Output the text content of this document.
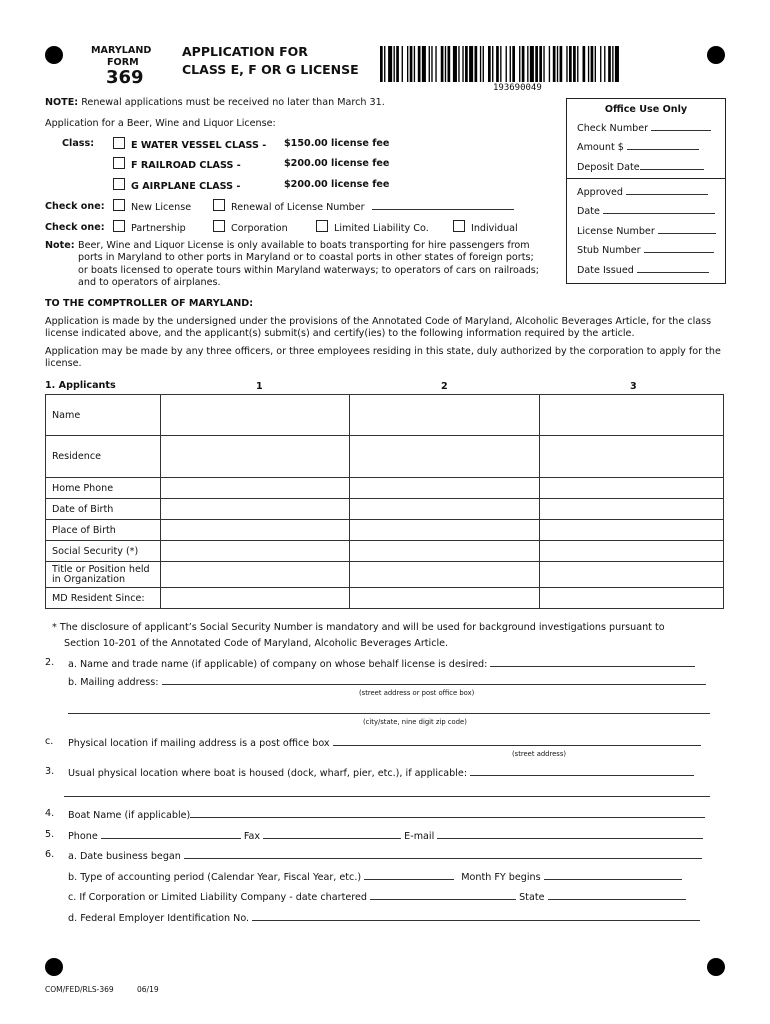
MARYLAND
FORM
369
APPLICATION FOR
CLASS E, F OR G LICENSE
193690049
NOTE: Renewal applications must be received no later than March 31.
Application for a Beer, Wine and Liquor License:
Class:	E WATER VESSEL CLASS - $150.00 license fee
F RAILROAD CLASS -	$200.00 license fee
G AIRPLANE CLASS -	$200.00 license fee
Check one:	New License	Renewal of License Number
Check one:	Partnership	Corporation	Limited Liability Co.	Individual
Note: Beer, Wine and Liquor License is only available to boats transporting for hire passengers from
ports in Maryland to other ports in Maryland or to coastal ports in other states of foreign ports;
or boats licensed to operate tours within Maryland waterways; to operators of cars on railroads;
and to operators of airplanes.
Office Use Only
Check Number
Amount $
Deposit Date
Approved
Date
License Number
Stub Number
Date Issued
TO THE COMPTROLLER OF MARYLAND:
Application is made by the undersigned under the provisions of the Annotated Code of Maryland, Alcoholic Beverages Article, for the class license indicated above, and the applicant(s) submit(s) and certify(ies) to the following information required by the article.
Application may be made by any three officers, or three employees residing in this state, duly authorized by the corporation to apply for the license.
1. Applicants	1	2	3
Name			
Residence			
Home Phone			
Date of Birth			
Place of Birth			
Social Security (*)			
Title or Position held in Organization			
MD Resident Since:			
* The disclosure of applicant’s Social Security Number is mandatory and will be used for background investigations pursuant to
Section 10-201 of the Annotated Code of Maryland, Alcoholic Beverages Article.
2. a. Name and trade name (if applicable) of company on whose behalf license is desired:
b. Mailing address:
(street address or post office box)
(city/state, nine digit zip code)
c. Physical location if mailing address is a post office box
(street address)
3. Usual physical location where boat is housed (dock, wharf, pier, etc.), if applicable:
4. Boat Name (if applicable)
5. Phone	Fax	E-mail
6. a. Date business began
b. Type of accounting period (Calendar Year, Fiscal Year, etc.)	Month FY begins
c. If Corporation or Limited Liability Company - date chartered	State
d. Federal Employer Identification No.
COM/FED/RLS-369	06/19
